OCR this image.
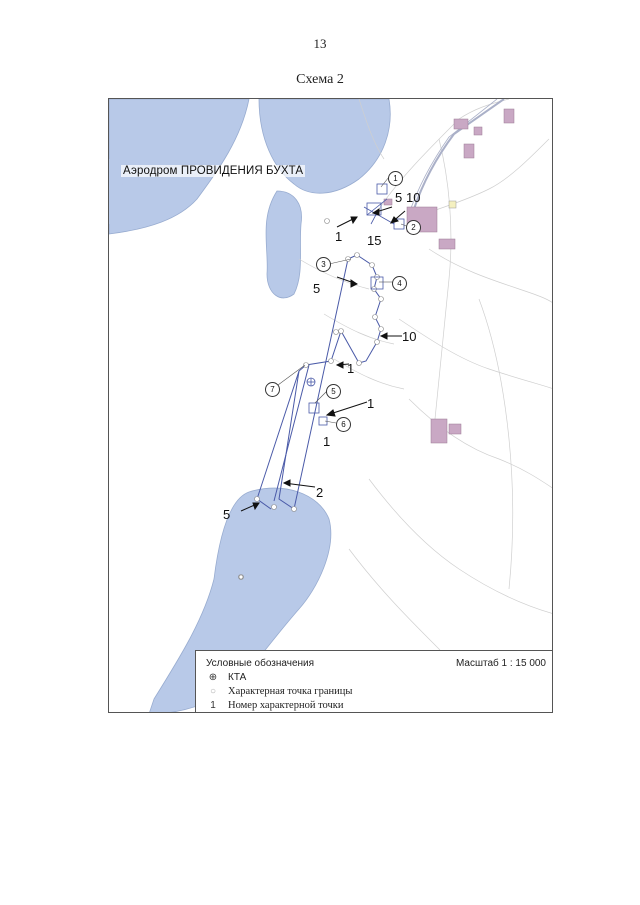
13
Схема 2
Аэродром ПРОВИДЕНИЯ БУХТА
1
2
3
4
5
6
7
5 10
1 15
5
10
1
1
1
2
5
Условные обозначения	Масштаб 1 : 15 000
⊕ КТА
○ Характерная точка границы
1 Номер характерной точки
